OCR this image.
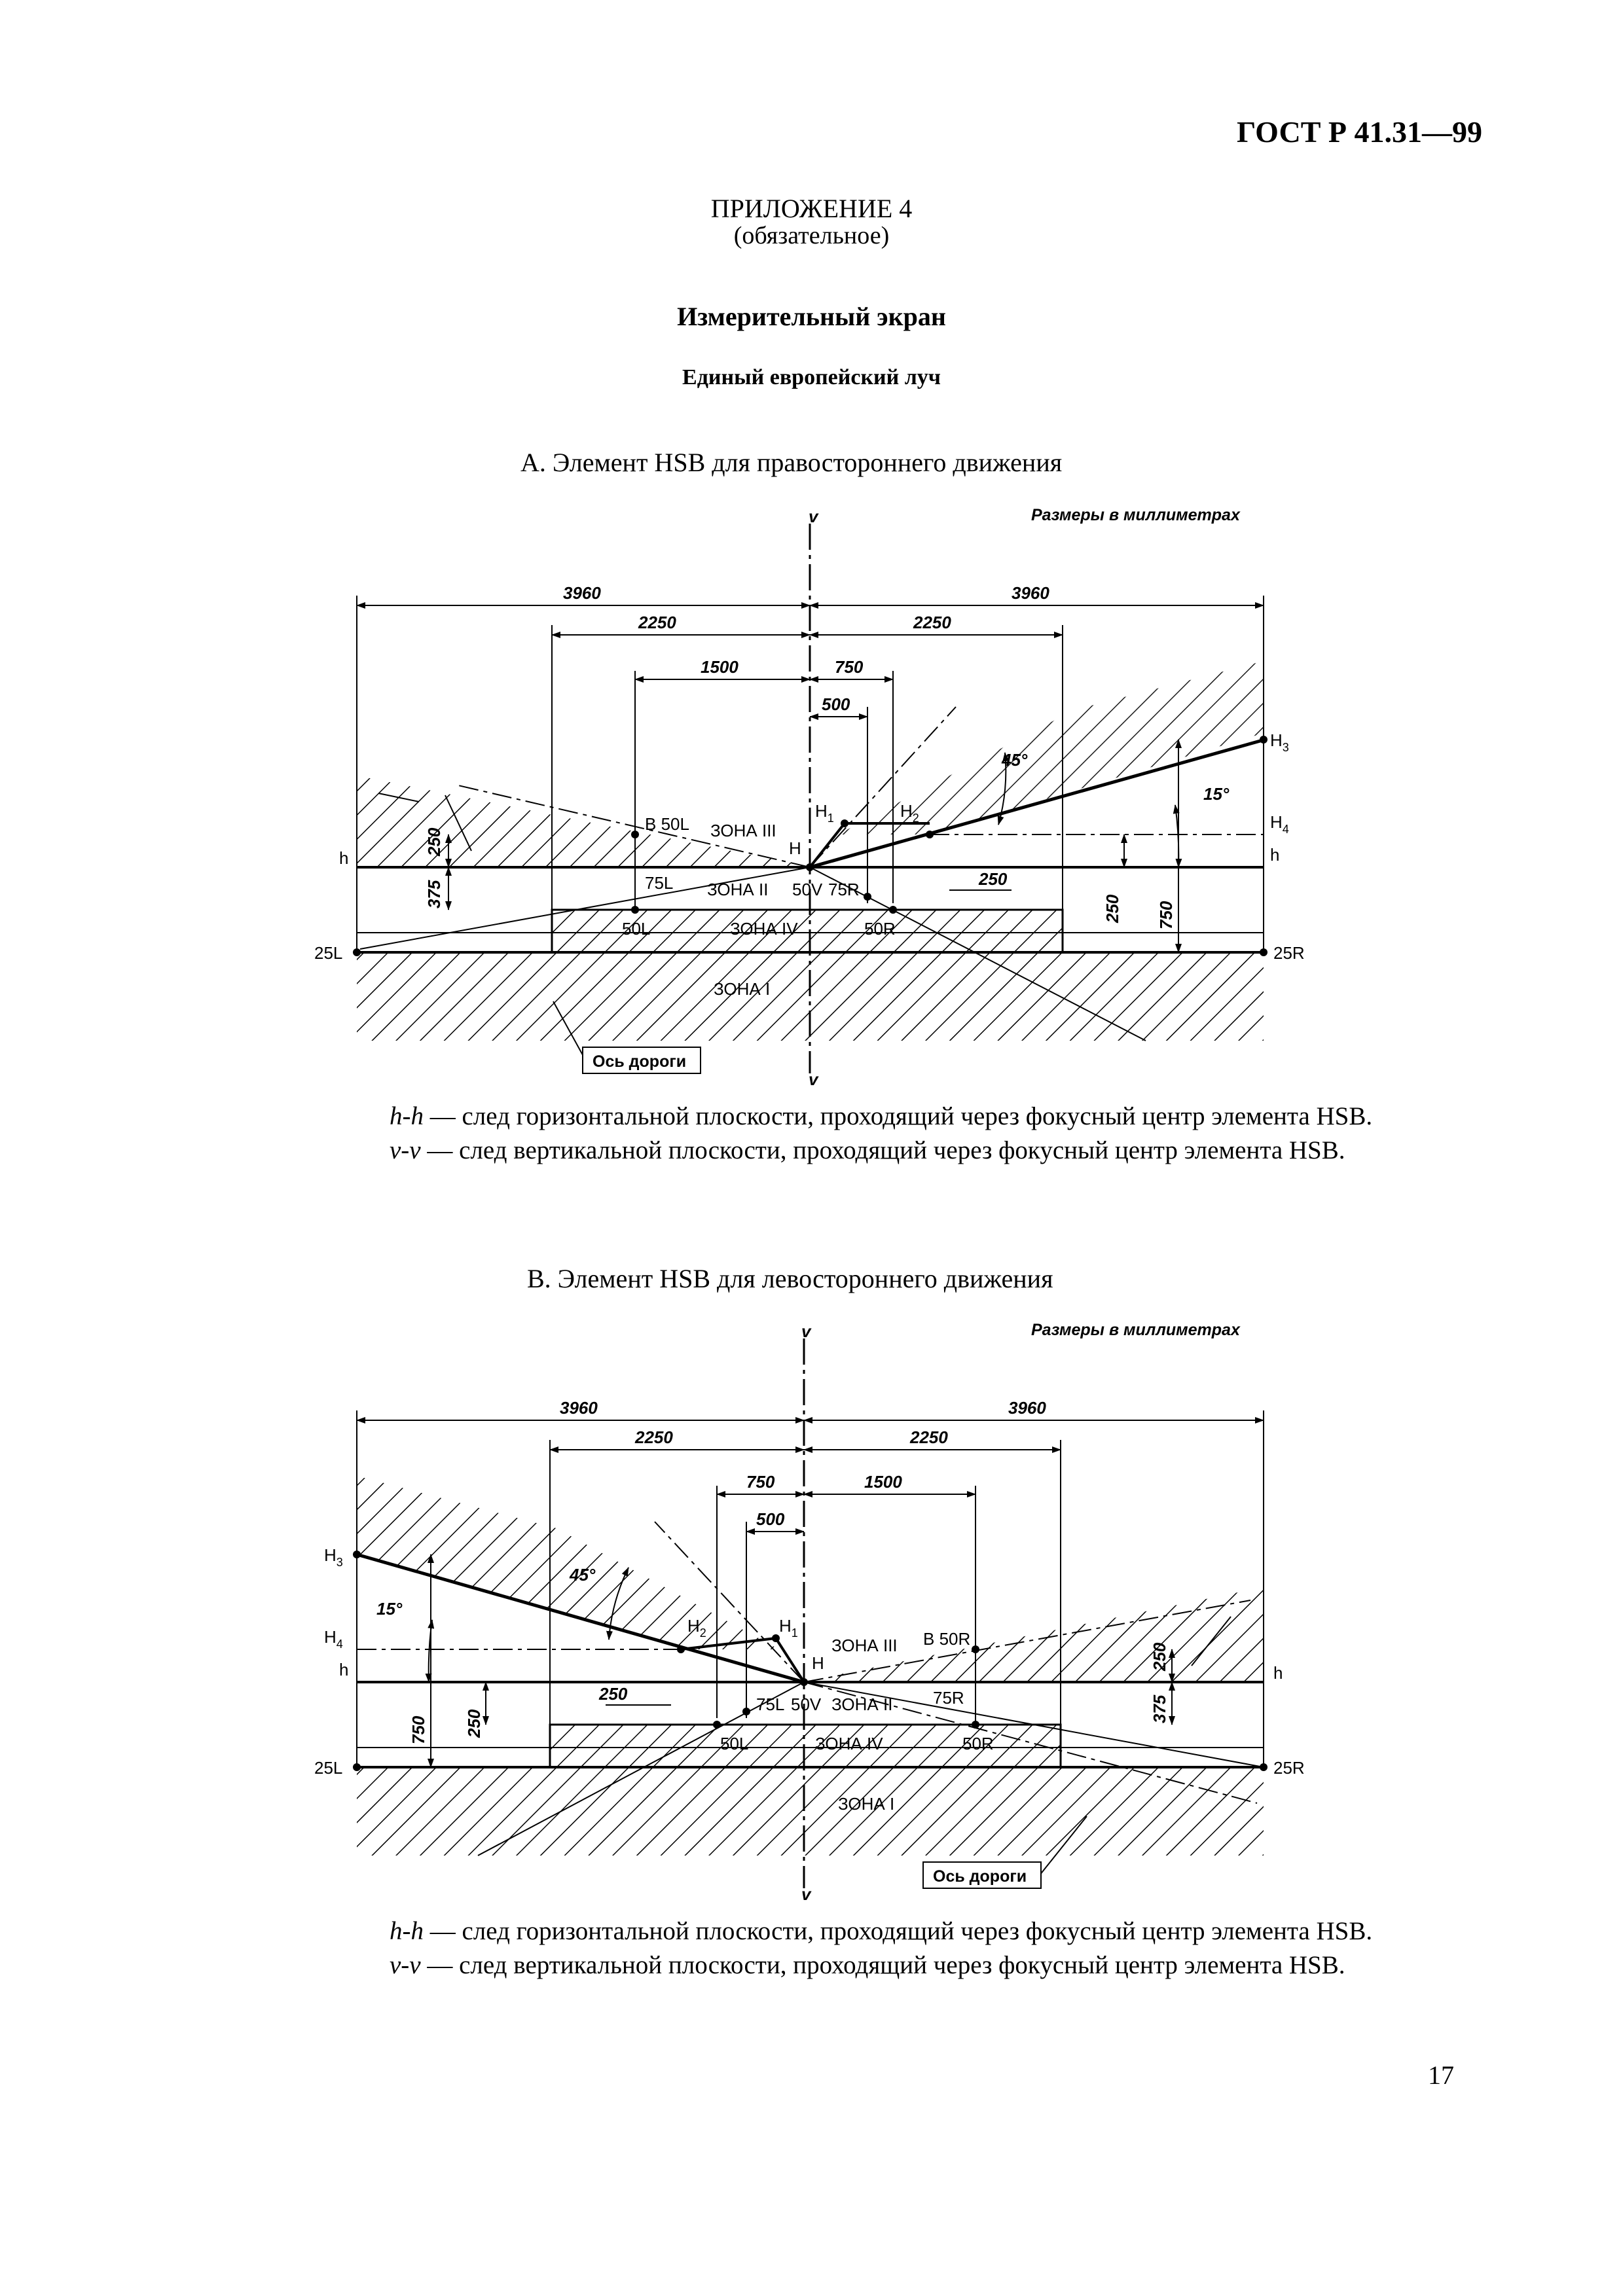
ГОСТ Р 41.31—99
ПРИЛОЖЕНИЕ 4
(обязательное)
Измерительный экран
Единый европейский луч
А. Элемент HSB для правостороннего движения
v	Размеры в миллиметрах
3960	3960
2250	2250
1500	750
500
45°
15°
$H_3$
$H_4$
h
h	H
$H_1$	$H_2$
B 50L ЗОНА III
75L ЗОНА II 50V 75R
50L	ЗОНА IV	50R
ЗОНА I
25L	25R
250
250
375
250 750
Ось дороги
v
h-h — след горизонтальной плоскости, проходящий через фокусный центр элемента HSB.
v-v — след вертикальной плоскости, проходящий через фокусный центр элемента HSB.
В. Элемент HSB для левостороннего движения
v	Размеры в миллиметрах
3960	3960
2250	2250
750	1500
500
45°
15°
$H_3$
$H_4$
h	h
H
$H_1$
$H_2$
ЗОНА III B 50R
75L 50V ЗОНА II 75R
50L	ЗОНА IV	50R
ЗОНА I
25L	25R
250
250
375
250
750
Ось дороги
v
h-h — след горизонтальной плоскости, проходящий через фокусный центр элемента HSB.
v-v — след вертикальной плоскости, проходящий через фокусный центр элемента HSB.
17
